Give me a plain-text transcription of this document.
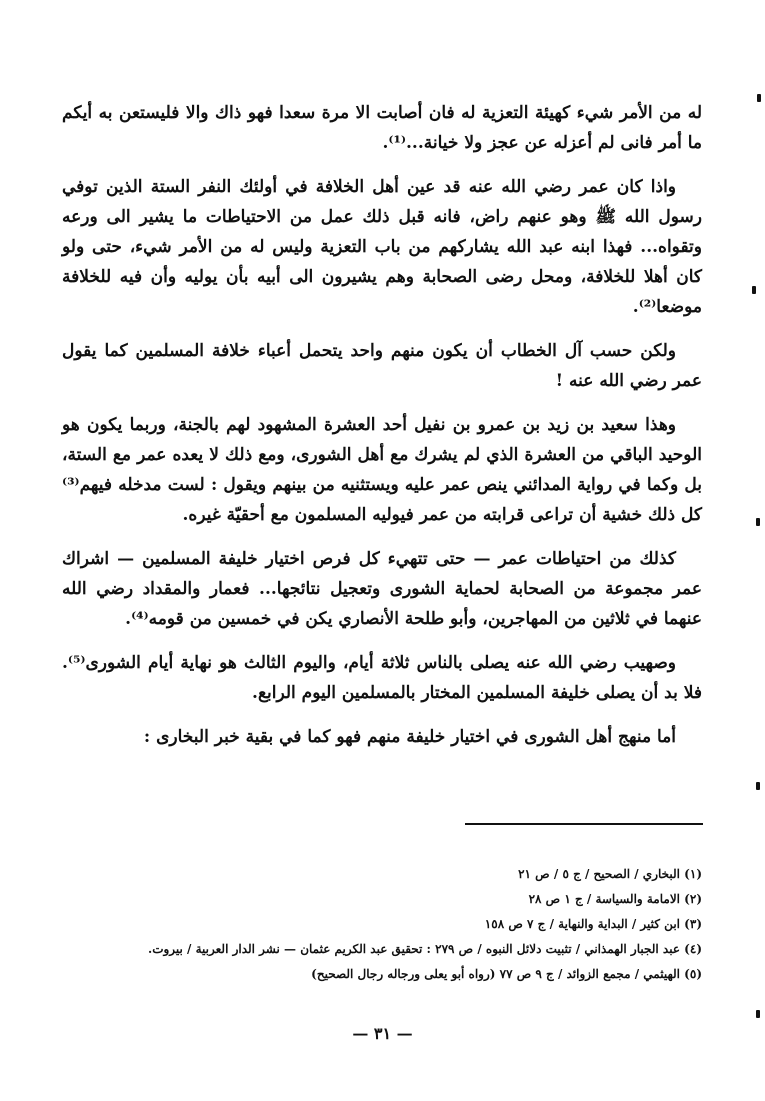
له من الأمر شيء كهيئة التعزية له فان أصابت الا مرة سعدا فهو ذاك والا فليستعن به أيكم ما أمر فانى لم أعزله عن عجز ولا خيانة...⁽¹⁾.

واذا كان عمر رضي الله عنه قد عين أهل الخلافة في أولئك النفر الستة الذين توفي رسول الله ﷺ وهو عنهم راض، فانه قبل ذلك عمل من الاحتياطات ما يشير الى ورعه وتقواه... فهذا ابنه عبد الله يشاركهم من باب التعزية وليس له من الأمر شيء، حتى ولو كان أهلا للخلافة، ومحل رضى الصحابة وهم يشيرون الى أبيه بأن يوليه وأن فيه للخلافة موضعا⁽²⁾.

ولكن حسب آل الخطاب أن يكون منهم واحد يتحمل أعباء خلافة المسلمين كما يقول عمر رضي الله عنه !

وهذا سعيد بن زيد بن عمرو بن نفيل أحد العشرة المشهود لهم بالجنة، وربما يكون هو الوحيد الباقي من العشرة الذي لم يشرك مع أهل الشورى، ومع ذلك لا يعده عمر مع الستة، بل وكما في رواية المدائني ينص عمر عليه ويستثنيه من بينهم ويقول : لست مدخله فيهم⁽³⁾ كل ذلك خشية أن تراعى قرابته من عمر فيوليه المسلمون مع أحقيّة غيره.

كذلك من احتياطات عمر — حتى تتهيء كل فرص اختيار خليفة المسلمين — اشراك عمر مجموعة من الصحابة لحماية الشورى وتعجيل نتائجها... فعمار والمقداد رضي الله عنهما في ثلاثين من المهاجرين، وأبو طلحة الأنصاري يكن في خمسين من قومه⁽⁴⁾.

وصهيب رضي الله عنه يصلى بالناس ثلاثة أيام، واليوم الثالث هو نهاية أيام الشورى⁽⁵⁾. فلا بد أن يصلى خليفة المسلمين المختار بالمسلمين اليوم الرابع.

أما منهج أهل الشورى في اختيار خليفة منهم فهو كما في بقية خبر البخارى :

(١) البخاري / الصحيح / ج ٥ / ص ٢١
(٢) الامامة والسياسة / ج ١ ص ٢٨
(٣) ابن كثير / البداية والنهاية / ج ٧ ص ١٥٨
(٤) عبد الجبار الهمذاني / تثبيت دلائل النبوه / ص ٢٧٩ : تحقيق عبد الكريم عثمان — نشر الدار العربية / بيروت.
(٥) الهيثمي / مجمع الزوائد / ج ٩ ص ٧٧ (رواه أبو يعلى ورجاله رجال الصحيح)
— ٣١ —
